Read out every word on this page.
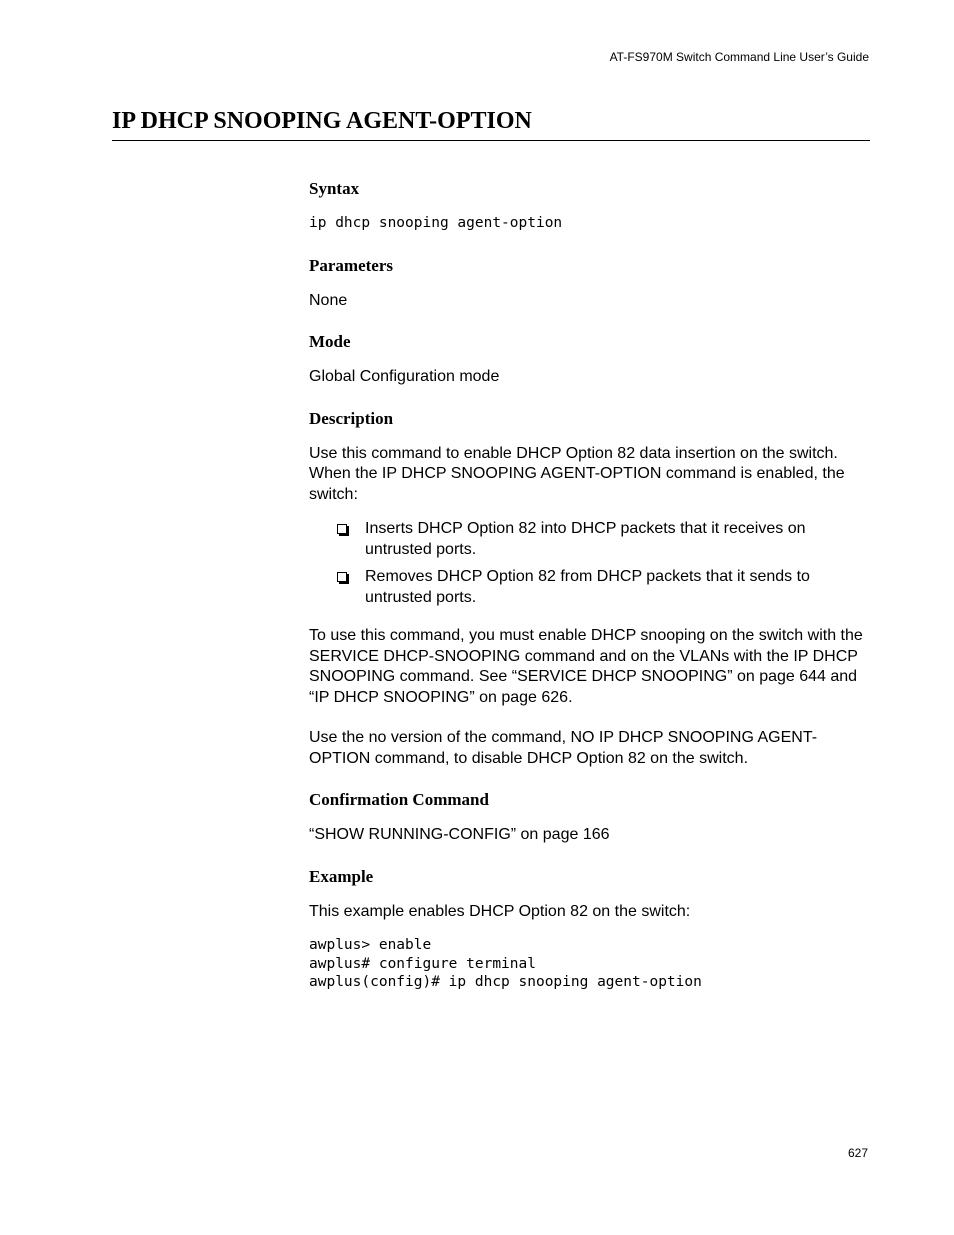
AT-FS970M Switch Command Line User’s Guide
IP DHCP SNOOPING AGENT-OPTION
Syntax
ip dhcp snooping agent-option
Parameters

None

Mode

Global Configuration mode

Description

Use this command to enable DHCP Option 82 data insertion on the switch. When the IP DHCP SNOOPING AGENT-OPTION command is enabled, the switch:

Inserts DHCP Option 82 into DHCP packets that it receives on untrusted ports.
Removes DHCP Option 82 from DHCP packets that it sends to untrusted ports.

To use this command, you must enable DHCP snooping on the switch with the SERVICE DHCP-SNOOPING command and on the VLANs with the IP DHCP SNOOPING command. See “SERVICE DHCP SNOOPING” on page 644 and “IP DHCP SNOOPING” on page 626.

Use the no version of the command, NO IP DHCP SNOOPING AGENT-OPTION command, to disable DHCP Option 82 on the switch.

Confirmation Command

“SHOW RUNNING-CONFIG” on page 166

Example

This example enables DHCP Option 82 on the switch:

awplus> enable
awplus# configure terminal
awplus(config)# ip dhcp snooping agent-option
627
